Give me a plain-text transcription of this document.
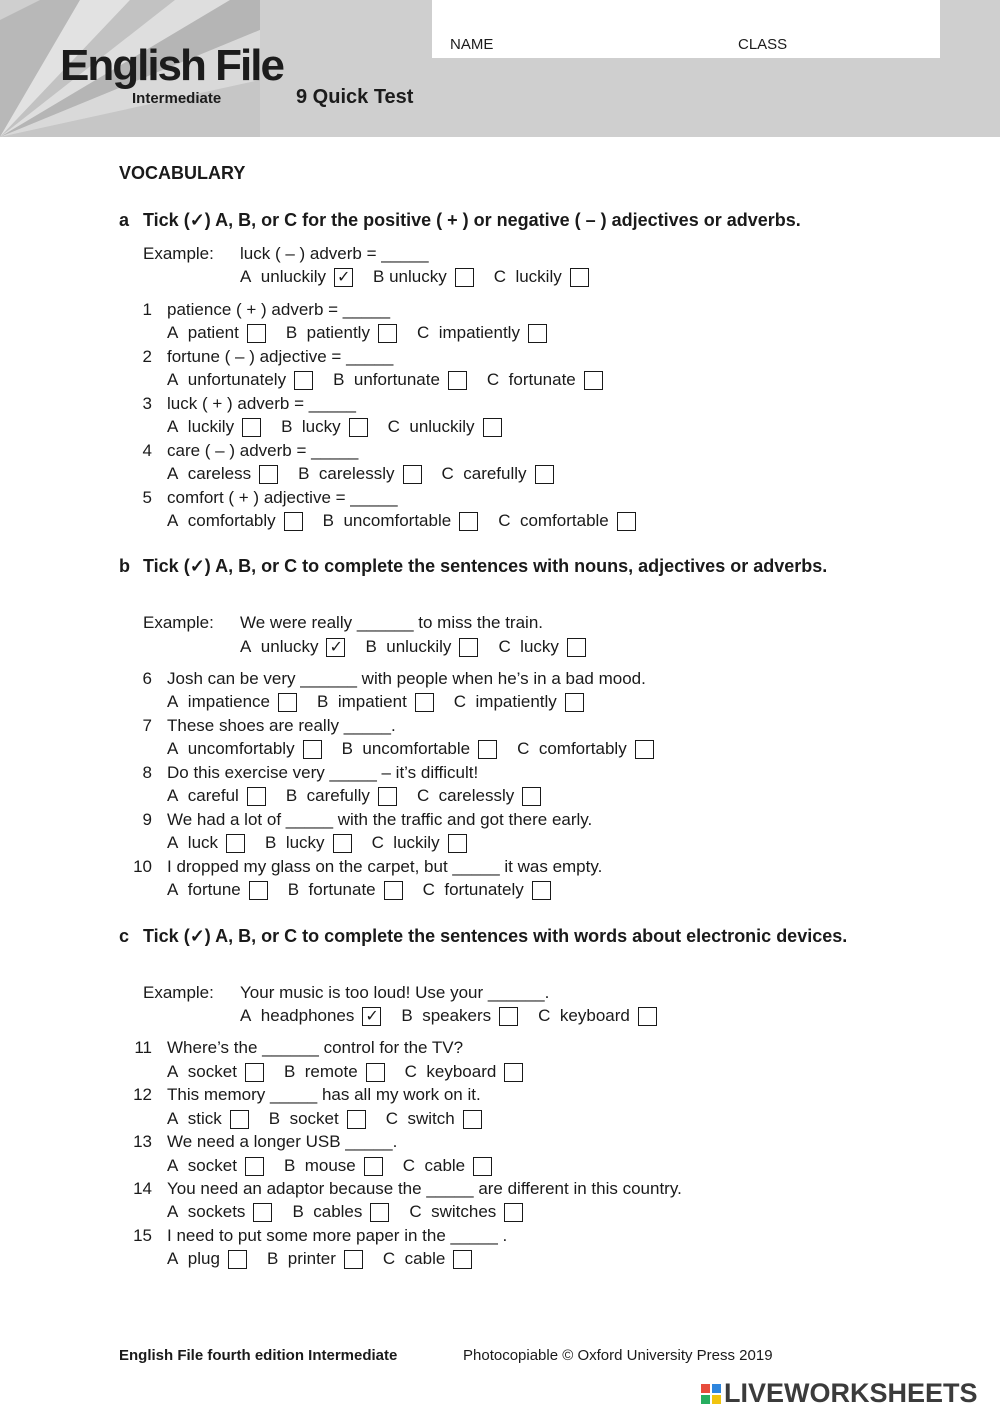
English File
Intermediate	9 Quick Test
NAME	CLASS
VOCABULARY
a Tick (✓) A, B, or C for the positive ( + ) or negative ( – ) adjectives or adverbs.
Example: luck ( – ) adverb = _____
A unluckily ✓	B unlucky	C luckily
1 patience ( + ) adverb = _____
A patient	B patiently	C impatiently
2 fortune ( – ) adjective = _____
A unfortunately	B unfortunate	C fortunate
3 luck ( + ) adverb = _____
A luckily	B lucky	C unluckily
4 care ( – ) adverb = _____
A careless	B carelessly	C carefully
5 comfort ( + ) adjective = _____
A comfortably	B uncomfortable	C comfortable
b Tick (✓) A, B, or C to complete the sentences with nouns, adjectives or adverbs.
Example: We were really ______ to miss the train.
A unlucky ✓	B unluckily	C lucky
6 Josh can be very ______ with people when he’s in a bad mood.
A impatience	B impatient	C impatiently
7 These shoes are really _____.
A uncomfortably	B uncomfortable	C comfortably
8 Do this exercise very _____ – it’s difficult!
A careful	B carefully	C carelessly
9 We had a lot of _____ with the traffic and got there early.
A luck	B lucky	C luckily
10 I dropped my glass on the carpet, but _____ it was empty.
A fortune	B fortunate	C fortunately
c Tick (✓) A, B, or C to complete the sentences with words about electronic devices.
Example: Your music is too loud! Use your ______.
A headphones ✓	B speakers	C keyboard
11 Where’s the ______ control for the TV?
A socket	B remote	C keyboard
12 This memory _____ has all my work on it.
A stick	B socket	C switch
13 We need a longer USB _____.
A socket	B mouse	C cable
14 You need an adaptor because the _____ are different in this country.
A sockets	B cables	C switches
15 I need to put some more paper in the _____ .
A plug	B printer	C cable
English File fourth edition Intermediate	Photocopiable © Oxford University Press 2019
LIVEWORKSHEETS
